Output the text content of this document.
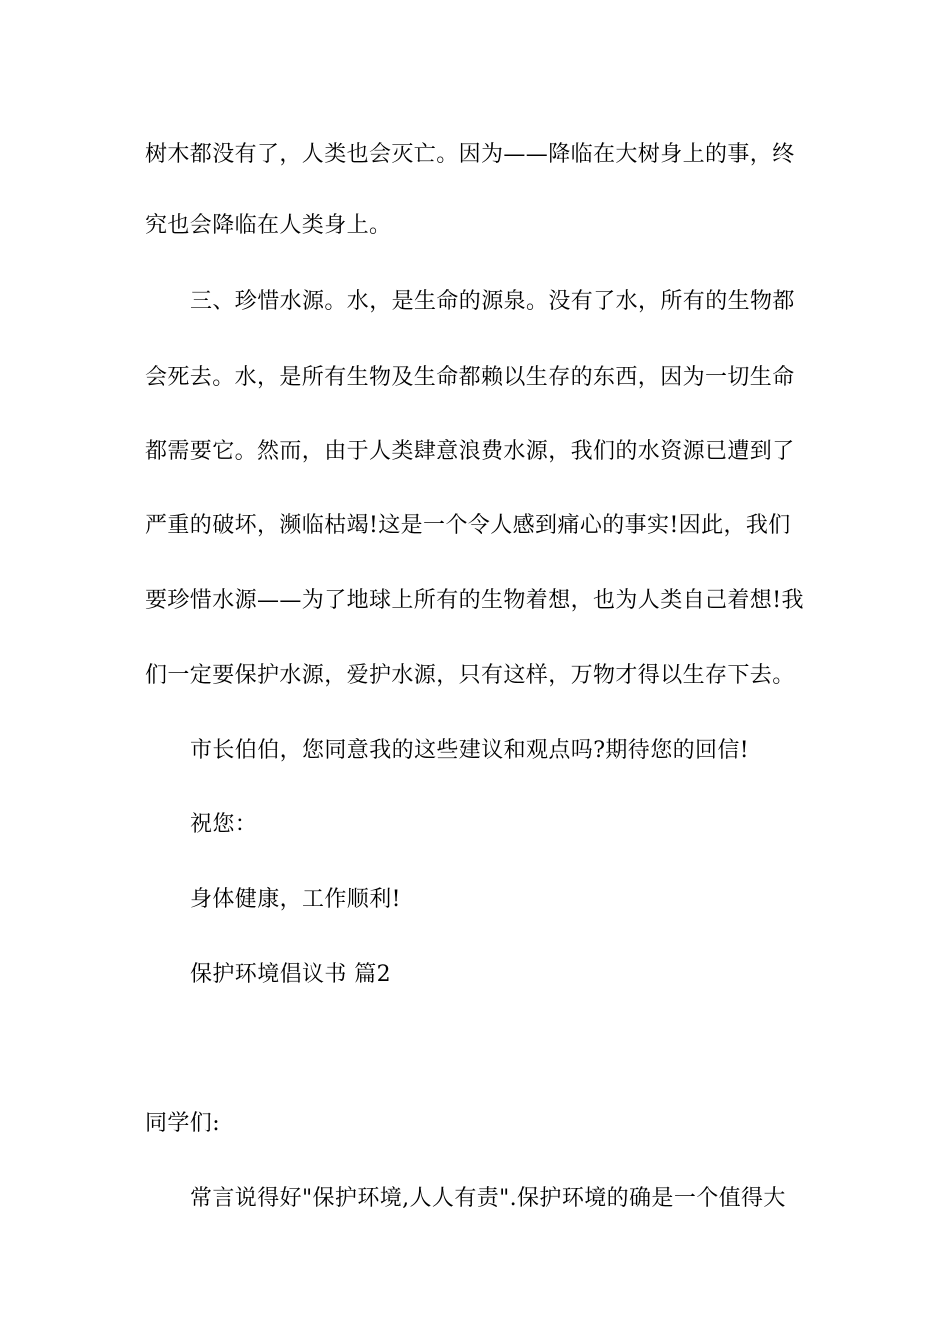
树木都没有了，人类也会灭亡。因为——降临在大树身上的事，终
究也会降临在人类身上。
三、珍惜水源。水，是生命的源泉。没有了水，所有的生物都
会死去。水，是所有生物及生命都赖以生存的东西，因为一切生命
都需要它。然而，由于人类肆意浪费水源，我们的水资源已遭到了
严重的破坏，濒临枯竭!这是一个令人感到痛心的事实!因此，我们
要珍惜水源——为了地球上所有的生物着想，也为人类自己着想!我
们一定要保护水源，爱护水源，只有这样，万物才得以生存下去。
市长伯伯，您同意我的这些建议和观点吗?期待您的回信!
祝您：
身体健康，工作顺利!
保护环境倡议书 篇2
同学们:
常言说得好"保护环境,人人有责".保护环境的确是一个值得大
